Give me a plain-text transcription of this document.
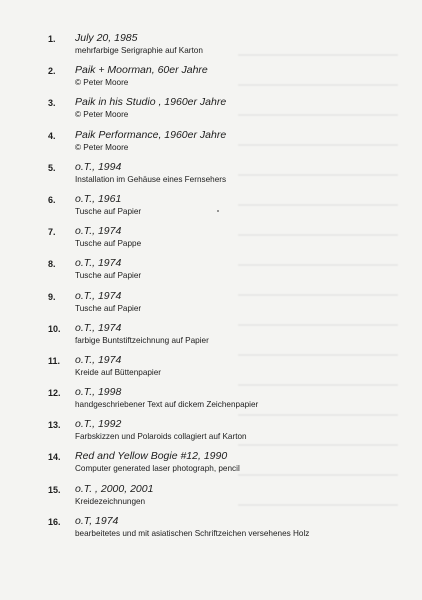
1. July 20, 1985
mehrfarbige Serigraphie auf Karton
2. Paik + Moorman, 60er Jahre
© Peter Moore
3. Paik in his Studio , 1960er Jahre
© Peter Moore
4. Paik Performance, 1960er Jahre
© Peter Moore
5. o.T., 1994
Installation im Gehäuse eines Fernsehers
6. o.T., 1961
Tusche auf Papier
7. o.T., 1974
Tusche auf Pappe
8. o.T., 1974
Tusche auf Papier
9. o.T., 1974
Tusche auf Papier
10. o.T., 1974
farbige Buntstiftzeichnung auf Papier
11. o.T., 1974
Kreide auf Büttenpapier
12. o.T., 1998
handgeschriebener Text auf dickem Zeichenpapier
13. o.T., 1992
Farbskizzen und Polaroids collagiert auf Karton
14. Red and Yellow Bogie #12, 1990
Computer generated laser photograph, pencil
15. o.T. , 2000, 2001
Kreidezeichnungen
16. o.T, 1974
bearbeitetes und mit asiatischen Schriftzeichen versehenes Holz
